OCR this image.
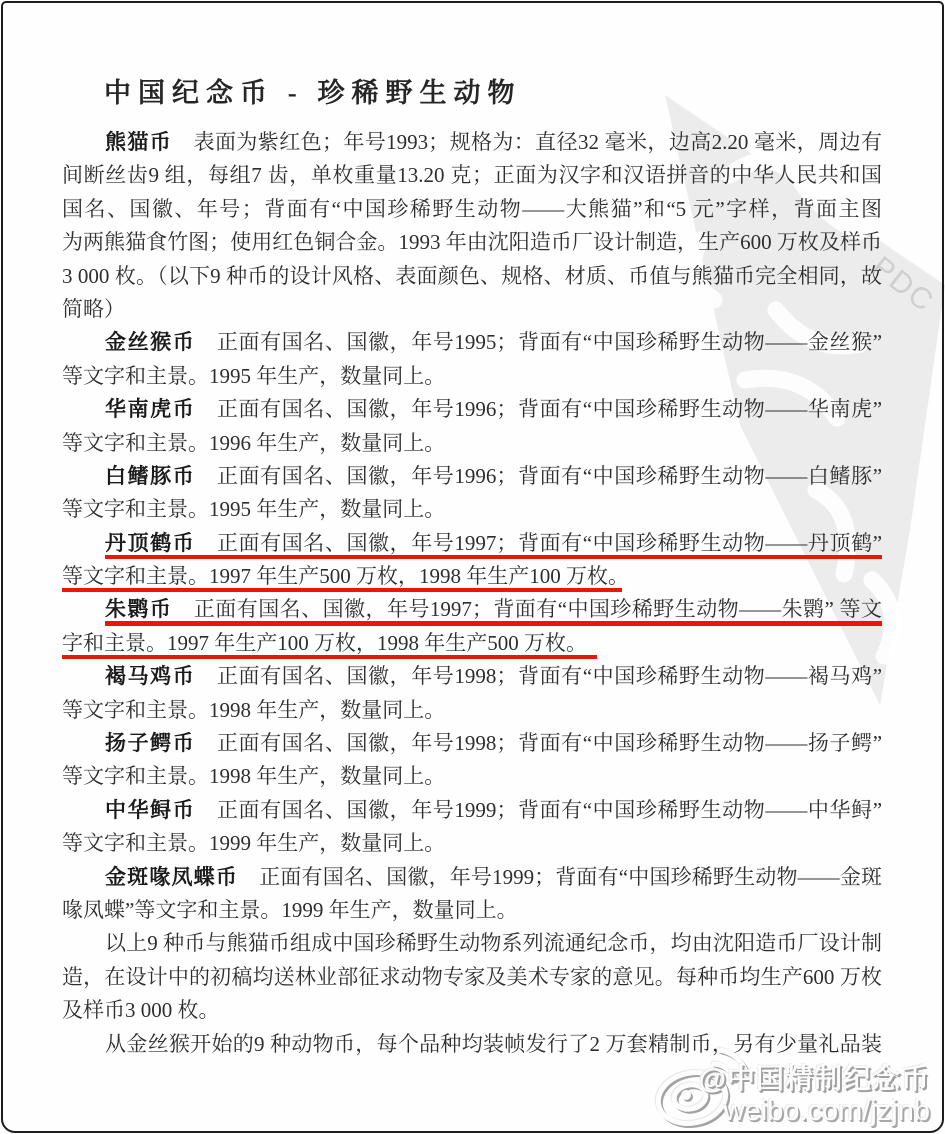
PDC
中国纪念币 - 珍稀野生动物
熊猫币　表面为紫红色；年号1993；规格为：直径32 毫米，边高2.20 毫米，周边有
间断丝齿9 组，每组7 齿，单枚重量13.20 克；正面为汉字和汉语拼音的中华人民共和国
国名、国徽、年号；背面有“中国珍稀野生动物——大熊猫”和“5 元”字样，背面主图
为两熊猫食竹图；使用红色铜合金。1993 年由沈阳造币厂设计制造，生产600 万枚及样币
3 000 枚。（以下9 种币的设计风格、表面颜色、规格、材质、币值与熊猫币完全相同，故
简略）
金丝猴币　正面有国名、国徽，年号1995；背面有“中国珍稀野生动物——金丝猴”
等文字和主景。1995 年生产，数量同上。
华南虎币　正面有国名、国徽，年号1996；背面有“中国珍稀野生动物——华南虎”
等文字和主景。1996 年生产，数量同上。
白鳍豚币　正面有国名、国徽，年号1996；背面有“中国珍稀野生动物——白鳍豚”
等文字和主景。1995 年生产，数量同上。
丹顶鹤币　正面有国名、国徽，年号1997；背面有“中国珍稀野生动物——丹顶鹤”
等文字和主景。1997 年生产500 万枚，1998 年生产100 万枚。
朱鹮币　正面有国名、国徽，年号1997；背面有“中国珍稀野生动物——朱鹮” 等文
字和主景。1997 年生产100 万枚，1998 年生产500 万枚。
褐马鸡币　正面有国名、国徽，年号1998；背面有“中国珍稀野生动物——褐马鸡”
等文字和主景。1998 年生产，数量同上。
扬子鳄币　正面有国名、国徽，年号1998；背面有“中国珍稀野生动物——扬子鳄”
等文字和主景。1998 年生产，数量同上。
中华鲟币　正面有国名、国徽，年号1999；背面有“中国珍稀野生动物——中华鲟”
等文字和主景。1999 年生产，数量同上。
金斑喙凤蝶币　正面有国名、国徽，年号1999；背面有“中国珍稀野生动物——金斑
喙凤蝶”等文字和主景。1999 年生产，数量同上。
以上9 种币与熊猫币组成中国珍稀野生动物系列流通纪念币，均由沈阳造币厂设计制
造，在设计中的初稿均送林业部征求动物专家及美术专家的意见。每种币均生产600 万枚
及样币3 000 枚。
从金丝猴开始的9 种动物币，每个品种均装帧发行了2 万套精制币，另有少量礼品装
@中国精制纪念币
weibo.com/jzjnb
